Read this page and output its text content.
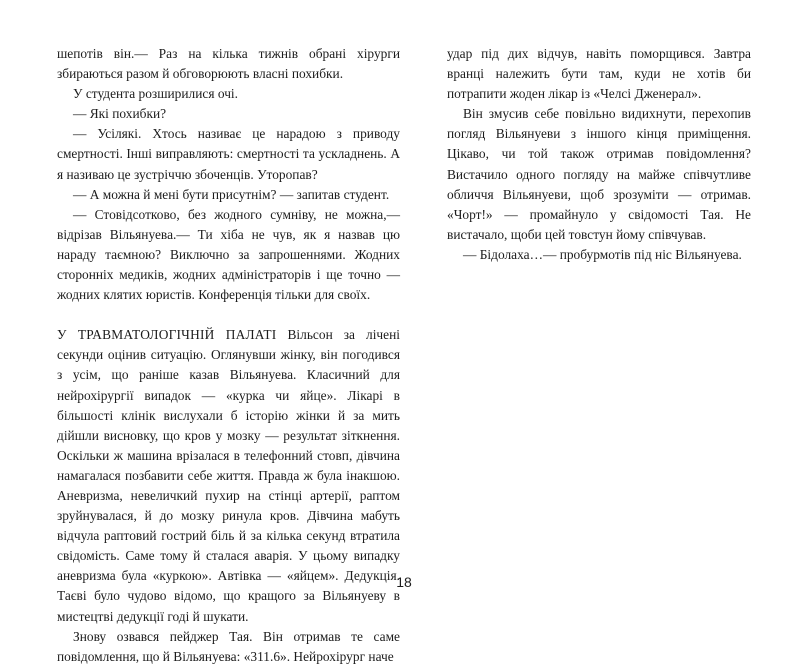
шепотів він.— Раз на кілька тижнів обрані хірурги збираються разом й обговорюють власні похибки.

У студента розширилися очі.

— Які похибки?

— Усілякі. Хтось називає це нарадою з приводу смертності. Інші виправляють: смертності та ускладнень. А я називаю це зустріччю збоченців. Уторопав?

— А можна й мені бути присутнім? — запитав студент.

— Стовідсотково, без жодного сумніву, не можна,— відрізав Вільянуева.— Ти хіба не чув, як я назвав цю нараду таємною? Виключно за запрошеннями. Жодних сторонніх медиків, жодних адміністраторів і ще точно — жодних клятих юристів. Конференція тільки для своїх.

У ТРАВМАТОЛОГІЧНІЙ ПАЛАТІ Вільсон за лічені секунди оцінив ситуацію. Оглянувши жінку, він погодився з усім, що раніше казав Вільянуева. Класичний для нейрохірургії випадок — «курка чи яйце». Лікарі в більшості клінік вислухали б історію жінки й за мить дійшли висновку, що кров у мозку — результат зіткнення. Оскільки ж машина врізалася в телефонний стовп, дівчина намагалася позбавити себе життя. Правда ж була інакшою. Аневризма, невеличкий пухир на стінці артерії, раптом зруйнувалася, й до мозку ринула кров. Дівчина мабуть відчула раптовий гострий біль й за кілька секунд втратила свідомість. Саме тому й сталася аварія. У цьому випадку аневризма була «куркою». Автівка — «яйцем». Дедукція. Таєві було чудово відомо, що кращого за Вільянуеву в мистецтві дедукції годі й шукати.

Знову озвався пейджер Тая. Він отримав те саме повідомлення, що й Вільянуева: «311.6». Нейрохірург наче

удар під дих відчув, навіть поморщився. Завтра вранці належить бути там, куди не хотів би потрапити жоден лікар із «Челсі Дженерал».

Він змусив себе повільно видихнути, перехопив погляд Вільянуеви з іншого кінця приміщення. Цікаво, чи той також отримав повідомлення? Вистачило одного погляду на майже співчутливе обличчя Вільянуеви, щоб зрозуміти — отримав. «Чорт!» — промайнуло у свідомості Тая. Не вистачало, щоби цей товстун йому співчував.

— Бідолаха…— пробурмотів під ніс Вільянуева.

18
